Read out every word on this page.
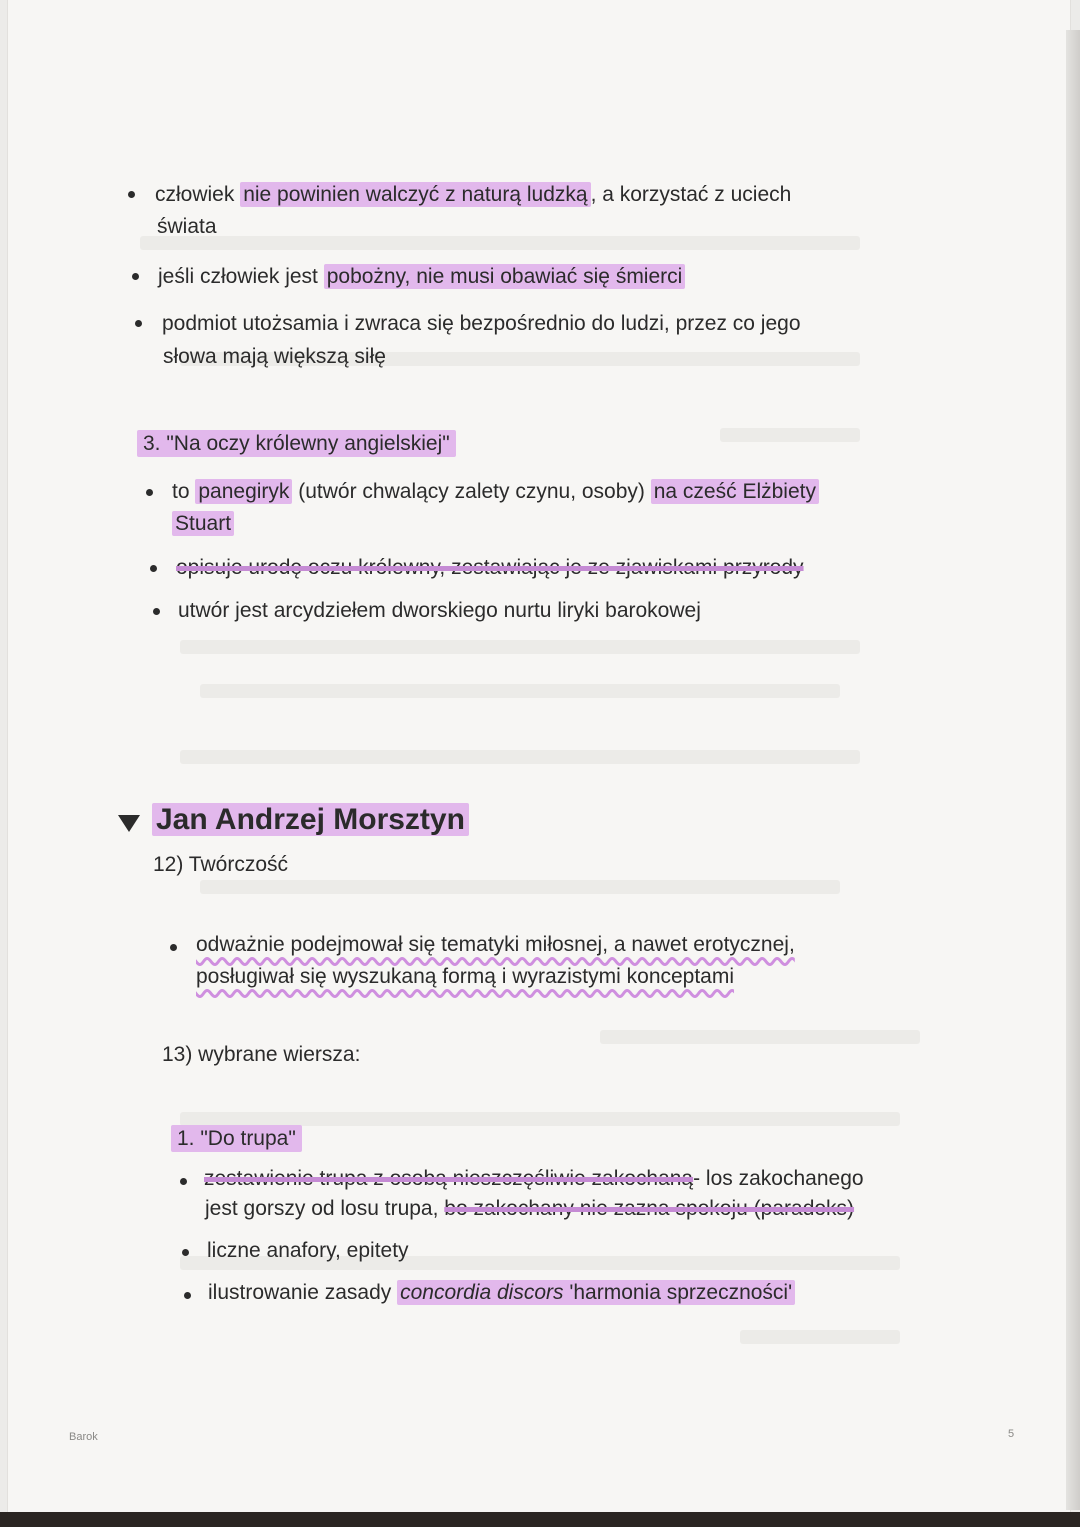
człowiek nie powinien walczyć z naturą ludzką , a korzystać z uciech
świata
jeśli człowiek jest pobożny, nie musi obawiać się śmierci
podmiot utożsamia i zwraca się bezpośrednio do ludzi, przez co jego
słowa mają większą siłę
3. "Na oczy królewny angielskiej"
to panegiryk (utwór chwalący zalety czynu, osoby) na cześć Elżbiety
Stuart
opisuje urodę oczu królewny, zestawiając je ze zjawiskami przyrody
utwór jest arcydziełem dworskiego nurtu liryki barokowej
Jan Andrzej Morsztyn
12) Twórczość
odważnie podejmował się tematyki miłosnej, a nawet erotycznej,
posługiwał się wyszukaną formą i wyrazistymi konceptami
13) wybrane wiersza:
1. "Do trupa"
zestawienie trupa z osobą nieszczęśliwie zakochaną- los zakochanego
jest gorszy od losu trupa, bo zakochany nie zazna spokoju (paradoks)
liczne anafory, epitety
ilustrowanie zasady concordia discors 'harmonia sprzeczności'
Barok	5
